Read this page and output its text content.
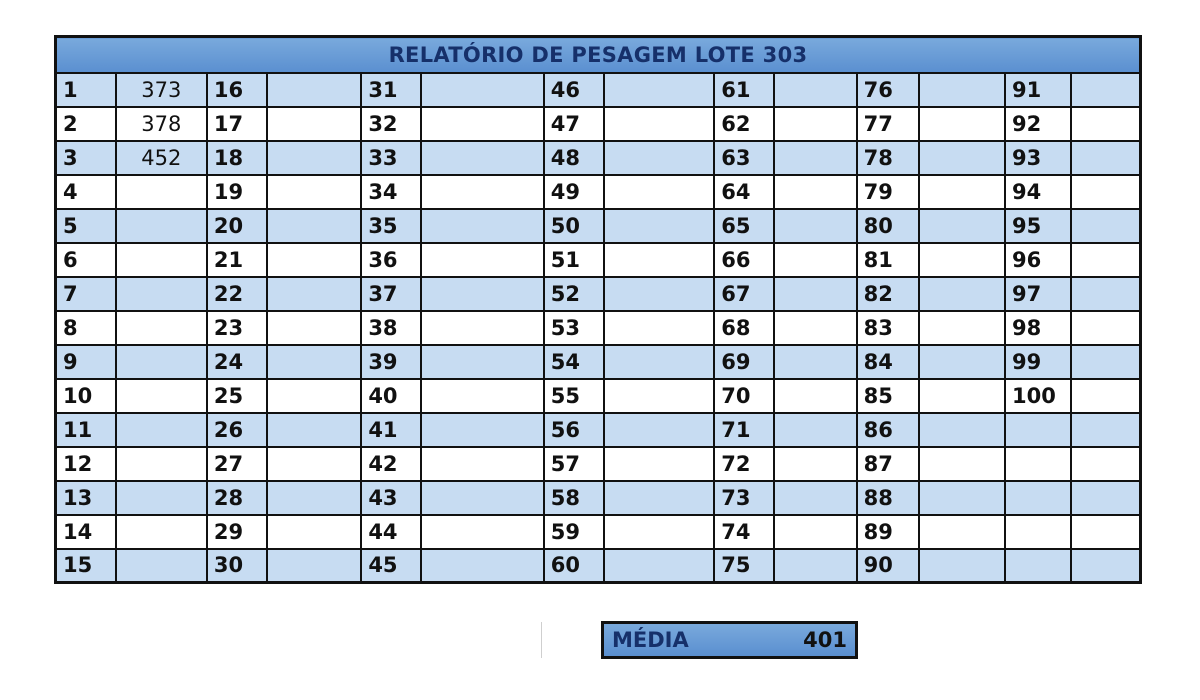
RELATÓRIO DE PESAGEM LOTE 303													
1	373	16		31		46		61		76		91	
2	378	17		32		47		62		77		92	
3	452	18		33		48		63		78		93	
4		19		34		49		64		79		94	
5		20		35		50		65		80		95	
6		21		36		51		66		81		96	
7		22		37		52		67		82		97	
8		23		38		53		68		83		98	
9		24		39		54		69		84		99	
10		25		40		55		70		85		100	
11		26		41		56		71		86			
12		27		42		57		72		87			
13		28		43		58		73		88			
14		29		44		59		74		89			
15		30		45		60		75		90			
MÉDIA	401
